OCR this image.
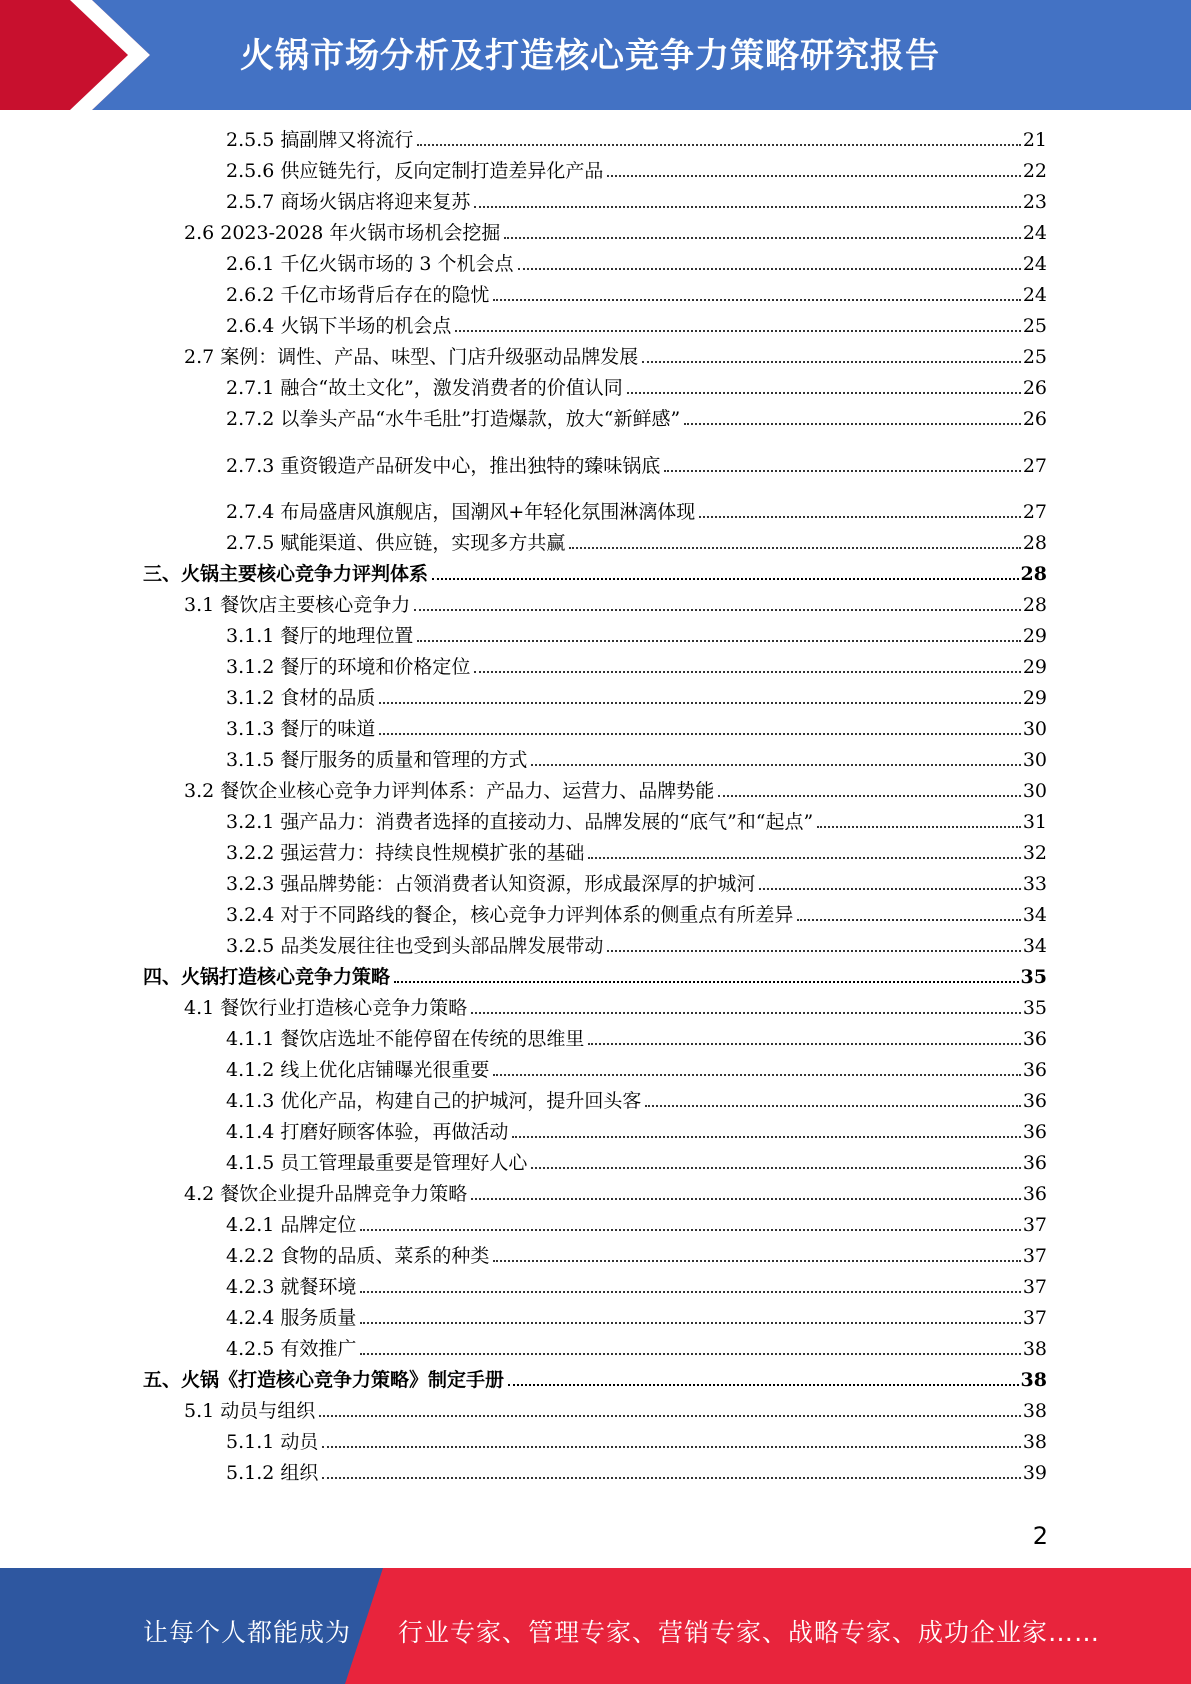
火锅市场分析及打造核心竞争力策略研究报告
2.5.5 搞副牌又将流行	21
2.5.6 供应链先行，反向定制打造差异化产品	22
2.5.7 商场火锅店将迎来复苏	23
2.6 2023-2028 年火锅市场机会挖掘	24
2.6.1 千亿火锅市场的 3 个机会点	24
2.6.2 千亿市场背后存在的隐忧	24
2.6.4 火锅下半场的机会点	25
2.7 案例：调性、产品、味型、门店升级驱动品牌发展	25
2.7.1 融合“故土文化”，激发消费者的价值认同	26
2.7.2 以拳头产品“水牛毛肚”打造爆款，放大“新鲜感”	26
2.7.3 重资锻造产品研发中心，推出独特的臻味锅底	27
2.7.4 布局盛唐风旗舰店，国潮风+年轻化氛围淋漓体现	27
2.7.5 赋能渠道、供应链，实现多方共赢	28
三、火锅主要核心竞争力评判体系	28
3.1 餐饮店主要核心竞争力	28
3.1.1 餐厅的地理位置	29
3.1.2 餐厅的环境和价格定位	29
3.1.2 食材的品质	29
3.1.3 餐厅的味道	30
3.1.5 餐厅服务的质量和管理的方式	30
3.2 餐饮企业核心竞争力评判体系：产品力、运营力、品牌势能	30
3.2.1 强产品力：消费者选择的直接动力、品牌发展的“底气”和“起点”	31
3.2.2 强运营力：持续良性规模扩张的基础	32
3.2.3 强品牌势能：占领消费者认知资源，形成最深厚的护城河	33
3.2.4 对于不同路线的餐企，核心竞争力评判体系的侧重点有所差异	34
3.2.5 品类发展往往也受到头部品牌发展带动	34
四、火锅打造核心竞争力策略	35
4.1 餐饮行业打造核心竞争力策略	35
4.1.1 餐饮店选址不能停留在传统的思维里	36
4.1.2 线上优化店铺曝光很重要	36
4.1.3 优化产品，构建自己的护城河，提升回头客	36
4.1.4 打磨好顾客体验，再做活动	36
4.1.5 员工管理最重要是管理好人心	36
4.2 餐饮企业提升品牌竞争力策略	36
4.2.1 品牌定位	37
4.2.2 食物的品质、菜系的种类	37
4.2.3 就餐环境	37
4.2.4 服务质量	37
4.2.5 有效推广	38
五、火锅《打造核心竞争力策略》制定手册	38
5.1 动员与组织	38
5.1.1 动员	38
5.1.2 组织	39
2
让每个人都能成为 行业专家、管理专家、营销专家、战略专家、成功企业家……
